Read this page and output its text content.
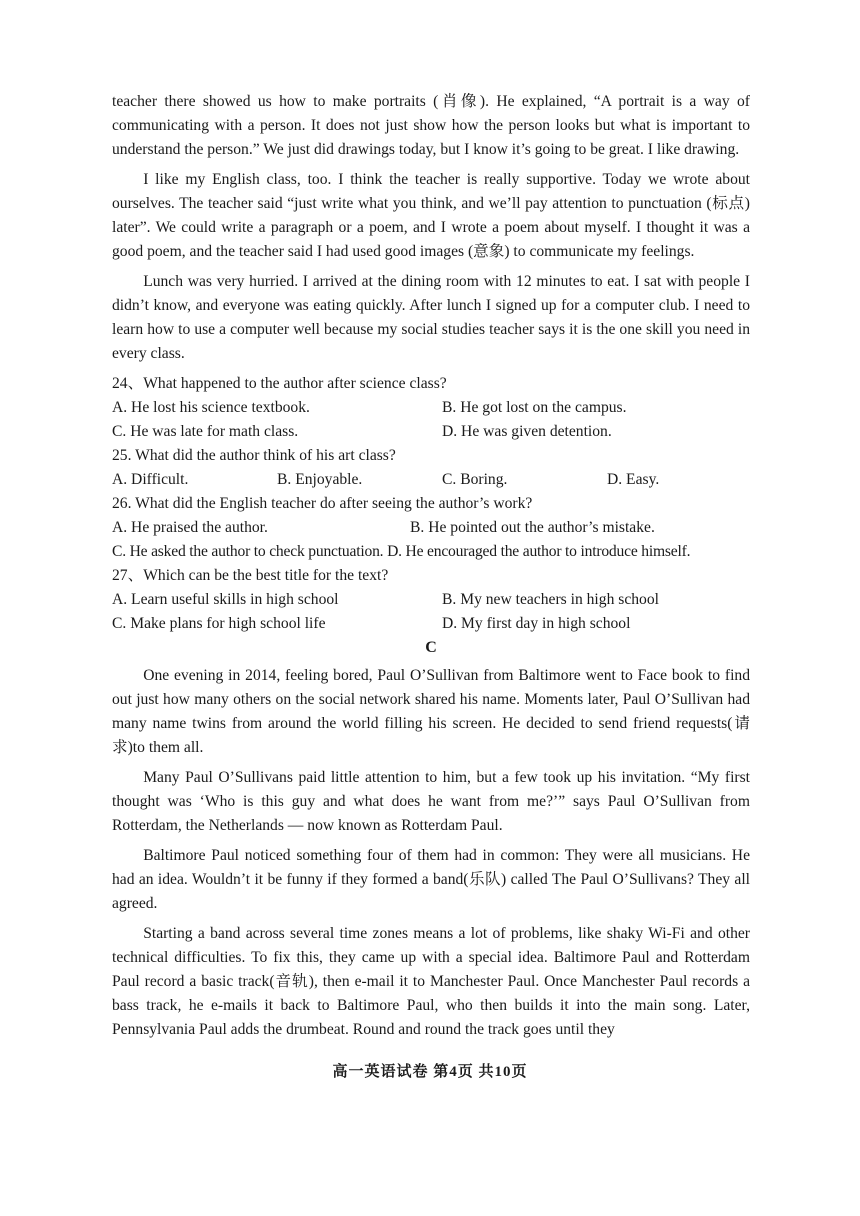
teacher there showed us how to make portraits (肖像). He explained, “A portrait is a way of communicating with a person. It does not just show how the person looks but what is important to understand the person.” We just did drawings today, but I know it’s going to be great. I like drawing.

I like my English class, too. I think the teacher is really supportive. Today we wrote about ourselves. The teacher said “just write what you think, and we’ll pay attention to punctuation (标点) later”. We could write a paragraph or a poem, and I wrote a poem about myself. I thought it was a good poem, and the teacher said I had used good images (意象) to communicate my feelings.

Lunch was very hurried. I arrived at the dining room with 12 minutes to eat. I sat with people I didn’t know, and everyone was eating quickly. After lunch I signed up for a computer club. I need to learn how to use a computer well because my social studies teacher says it is the one skill you need in every class.

24、What happened to the author after science class?

A. He lost his science textbook.	B. He got lost on the campus.
C. He was late for math class.	D. He was given detention.

25. What did the author think of his art class?

A. Difficult.	B. Enjoyable.	C. Boring.	D. Easy.

26. What did the English teacher do after seeing the author’s work?

A. He praised the author.	B. He pointed out the author’s mistake.
C. He asked the author to check punctuation. D. He encouraged the author to introduce himself.

27、Which can be the best title for the text?

A. Learn useful skills in high school	B. My new teachers in high school
C. Make plans for high school life	D. My first day in high school

C

One evening in 2014, feeling bored, Paul O’Sullivan from Baltimore went to Face book to find out just how many others on the social network shared his name. Moments later, Paul O’Sullivan had many name twins from around the world filling his screen. He decided to send friend requests(请求)to them all.

Many Paul O’Sullivans paid little attention to him, but a few took up his invitation. “My first thought was ‘Who is this guy and what does he want from me?’” says Paul O’Sullivan from Rotterdam, the Netherlands — now known as Rotterdam Paul.

Baltimore Paul noticed something four of them had in common: They were all musicians. He had an idea. Wouldn’t it be funny if they formed a band(乐队) called The Paul O’Sullivans? They all agreed.

Starting a band across several time zones means a lot of problems, like shaky Wi-Fi and other technical difficulties. To fix this, they came up with a special idea. Baltimore Paul and Rotterdam Paul record a basic track(音轨), then e-mail it to Manchester Paul. Once Manchester Paul records a bass track, he e-mails it back to Baltimore Paul, who then builds it into the main song. Later, Pennsylvania Paul adds the drumbeat. Round and round the track goes until they

高一英语试卷 第4页 共10页
